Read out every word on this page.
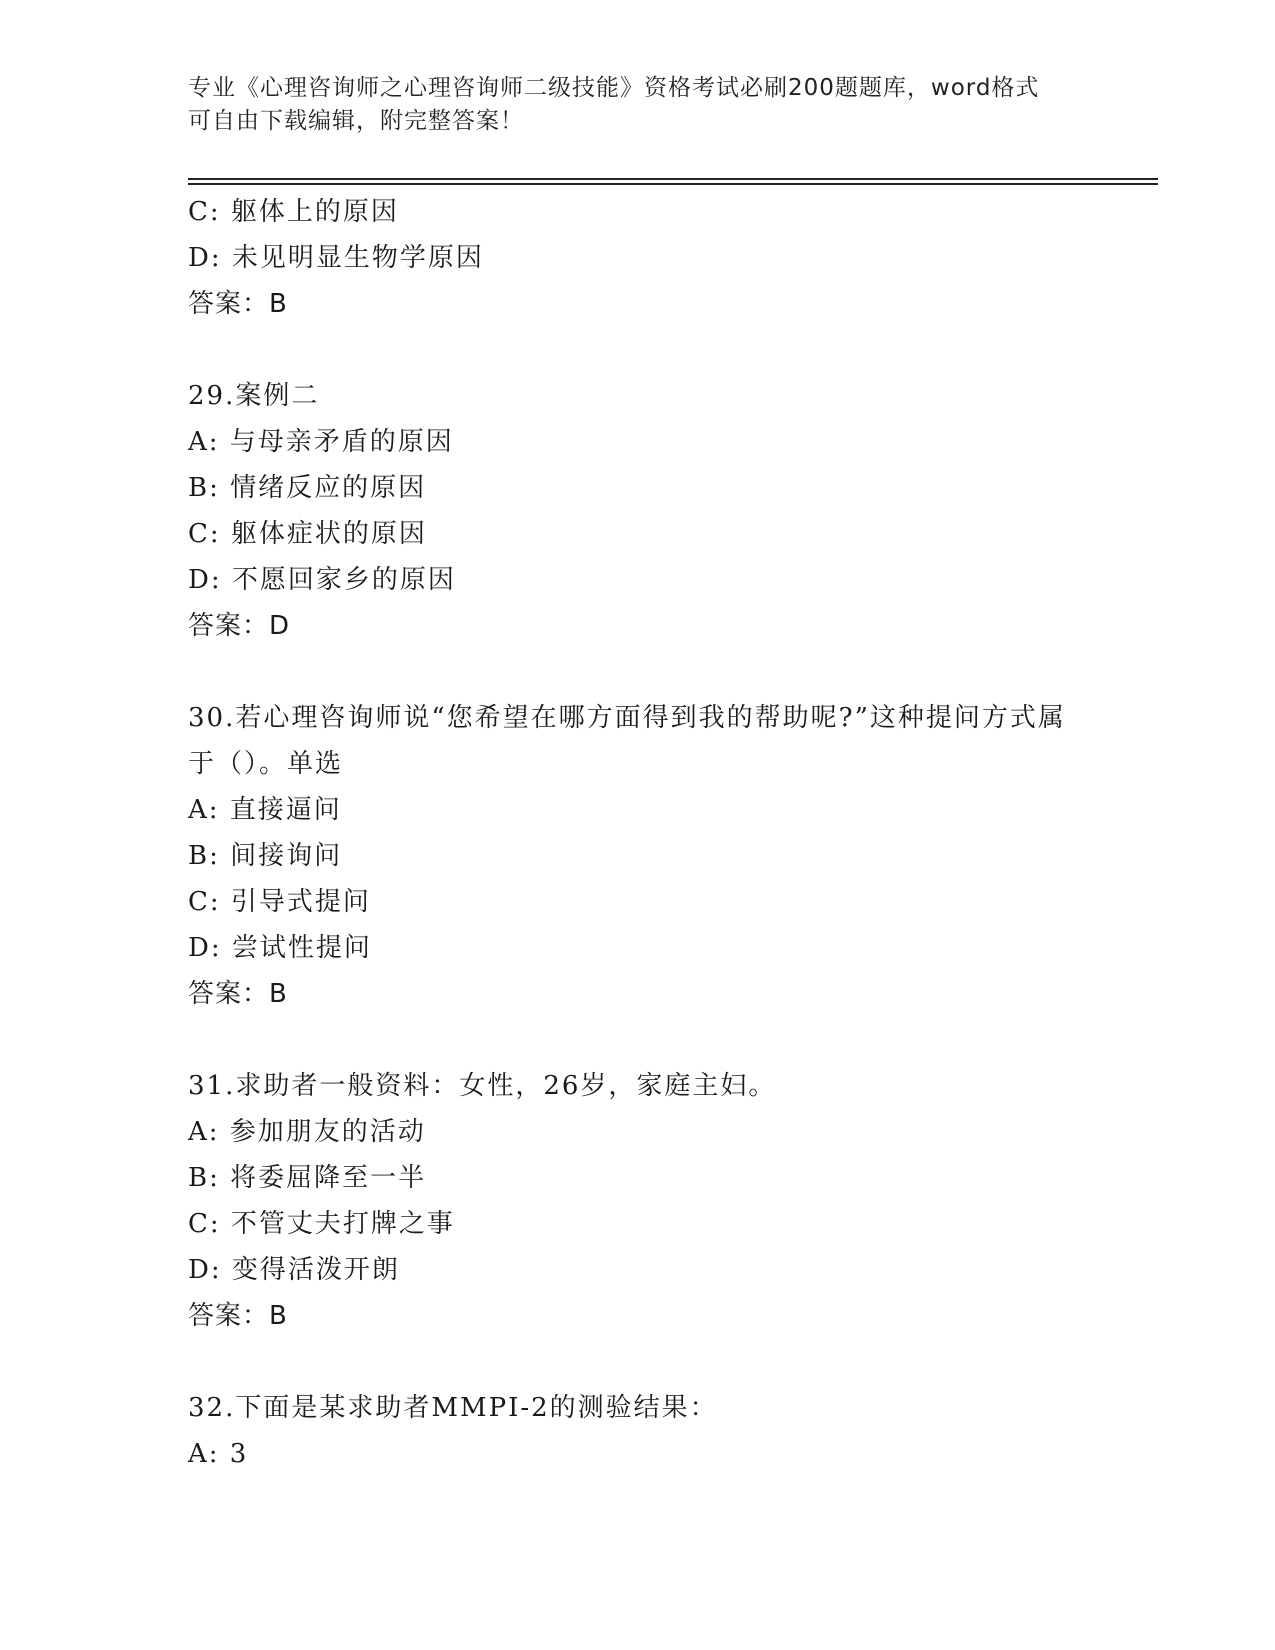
专业《心理咨询师之心理咨询师二级技能》资格考试必刷200题题库，word格式
可自由下载编辑，附完整答案！
C: 躯体上的原因
D: 未见明显生物学原因
答案：B
29.案例二
A: 与母亲矛盾的原因
B: 情绪反应的原因
C: 躯体症状的原因
D: 不愿回家乡的原因
答案：D
30.若心理咨询师说“您希望在哪方面得到我的帮助呢?”这种提问方式属于（）。单选
A: 直接逼问
B: 间接询问
C: 引导式提问
D: 尝试性提问
答案：B
31.求助者一般资料：女性，26岁，家庭主妇。
A: 参加朋友的活动
B: 将委屈降至一半
C: 不管丈夫打牌之事
D: 变得活泼开朗
答案：B
32.下面是某求助者MMPI-2的测验结果：
A: 3
